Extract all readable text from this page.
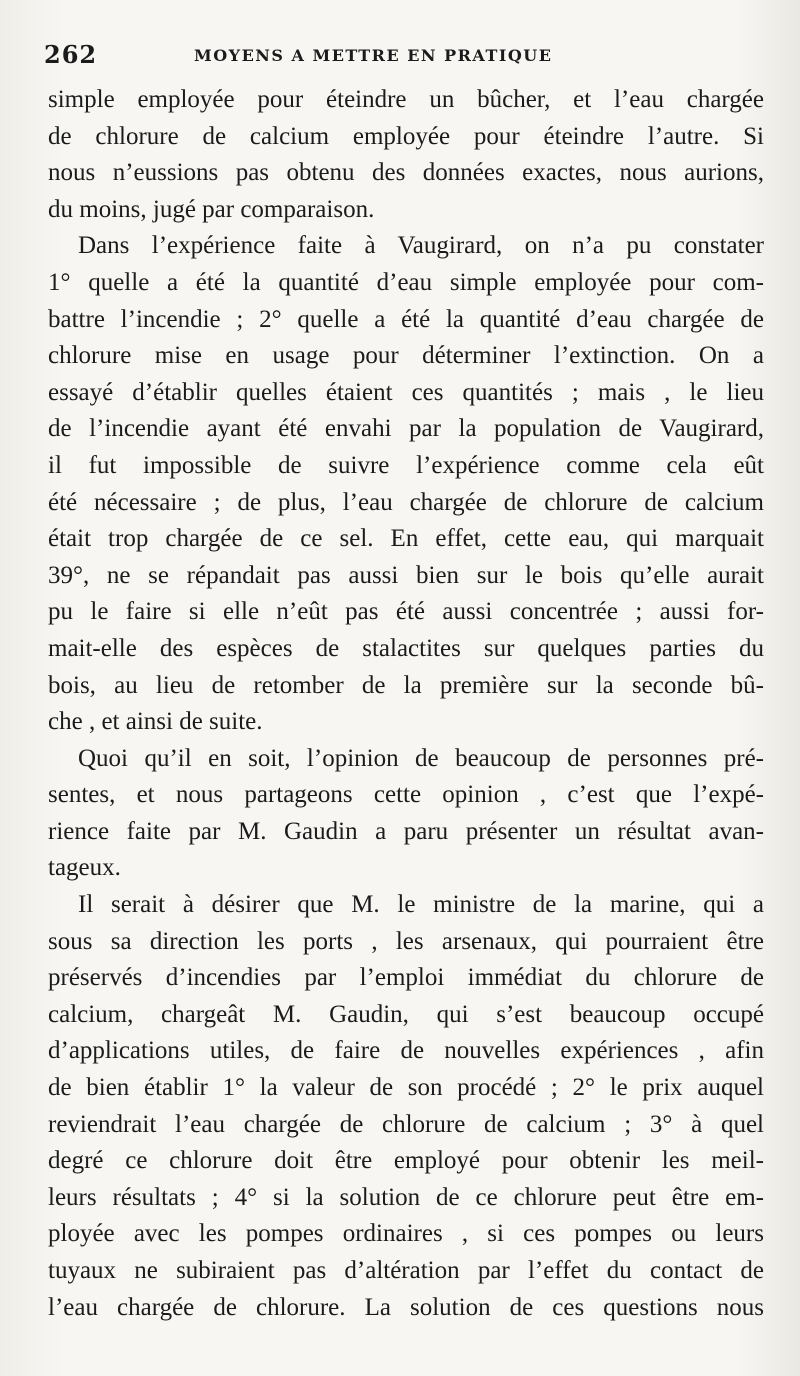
262	MOYENS A METTRE EN PRATIQUE
simple employée pour éteindre un bûcher, et l’eau chargée
de chlorure de calcium employée pour éteindre l’autre. Si
nous n’eussions pas obtenu des données exactes, nous aurions,
du moins, jugé par comparaison.
Dans l’expérience faite à Vaugirard, on n’a pu constater
1° quelle a été la quantité d’eau simple employée pour com-
battre l’incendie ; 2° quelle a été la quantité d’eau chargée de
chlorure mise en usage pour déterminer l’extinction. On a
essayé d’établir quelles étaient ces quantités ; mais , le lieu
de l’incendie ayant été envahi par la population de Vaugirard,
il fut impossible de suivre l’expérience comme cela eût
été nécessaire ; de plus, l’eau chargée de chlorure de calcium
était trop chargée de ce sel. En effet, cette eau, qui marquait
39°, ne se répandait pas aussi bien sur le bois qu’elle aurait
pu le faire si elle n’eût pas été aussi concentrée ; aussi for-
mait-elle des espèces de stalactites sur quelques parties du
bois, au lieu de retomber de la première sur la seconde bû-
che , et ainsi de suite.
Quoi qu’il en soit, l’opinion de beaucoup de personnes pré-
sentes, et nous partageons cette opinion , c’est que l’expé-
rience faite par M. Gaudin a paru présenter un résultat avan-
tageux.
Il serait à désirer que M. le ministre de la marine, qui a
sous sa direction les ports , les arsenaux, qui pourraient être
préservés d’incendies par l’emploi immédiat du chlorure de
calcium, chargeât M. Gaudin, qui s’est beaucoup occupé
d’applications utiles, de faire de nouvelles expériences , afin
de bien établir 1° la valeur de son procédé ; 2° le prix auquel
reviendrait l’eau chargée de chlorure de calcium ; 3° à quel
degré ce chlorure doit être employé pour obtenir les meil-
leurs résultats ; 4° si la solution de ce chlorure peut être em-
ployée avec les pompes ordinaires , si ces pompes ou leurs
tuyaux ne subiraient pas d’altération par l’effet du contact de
l’eau chargée de chlorure. La solution de ces questions nous
